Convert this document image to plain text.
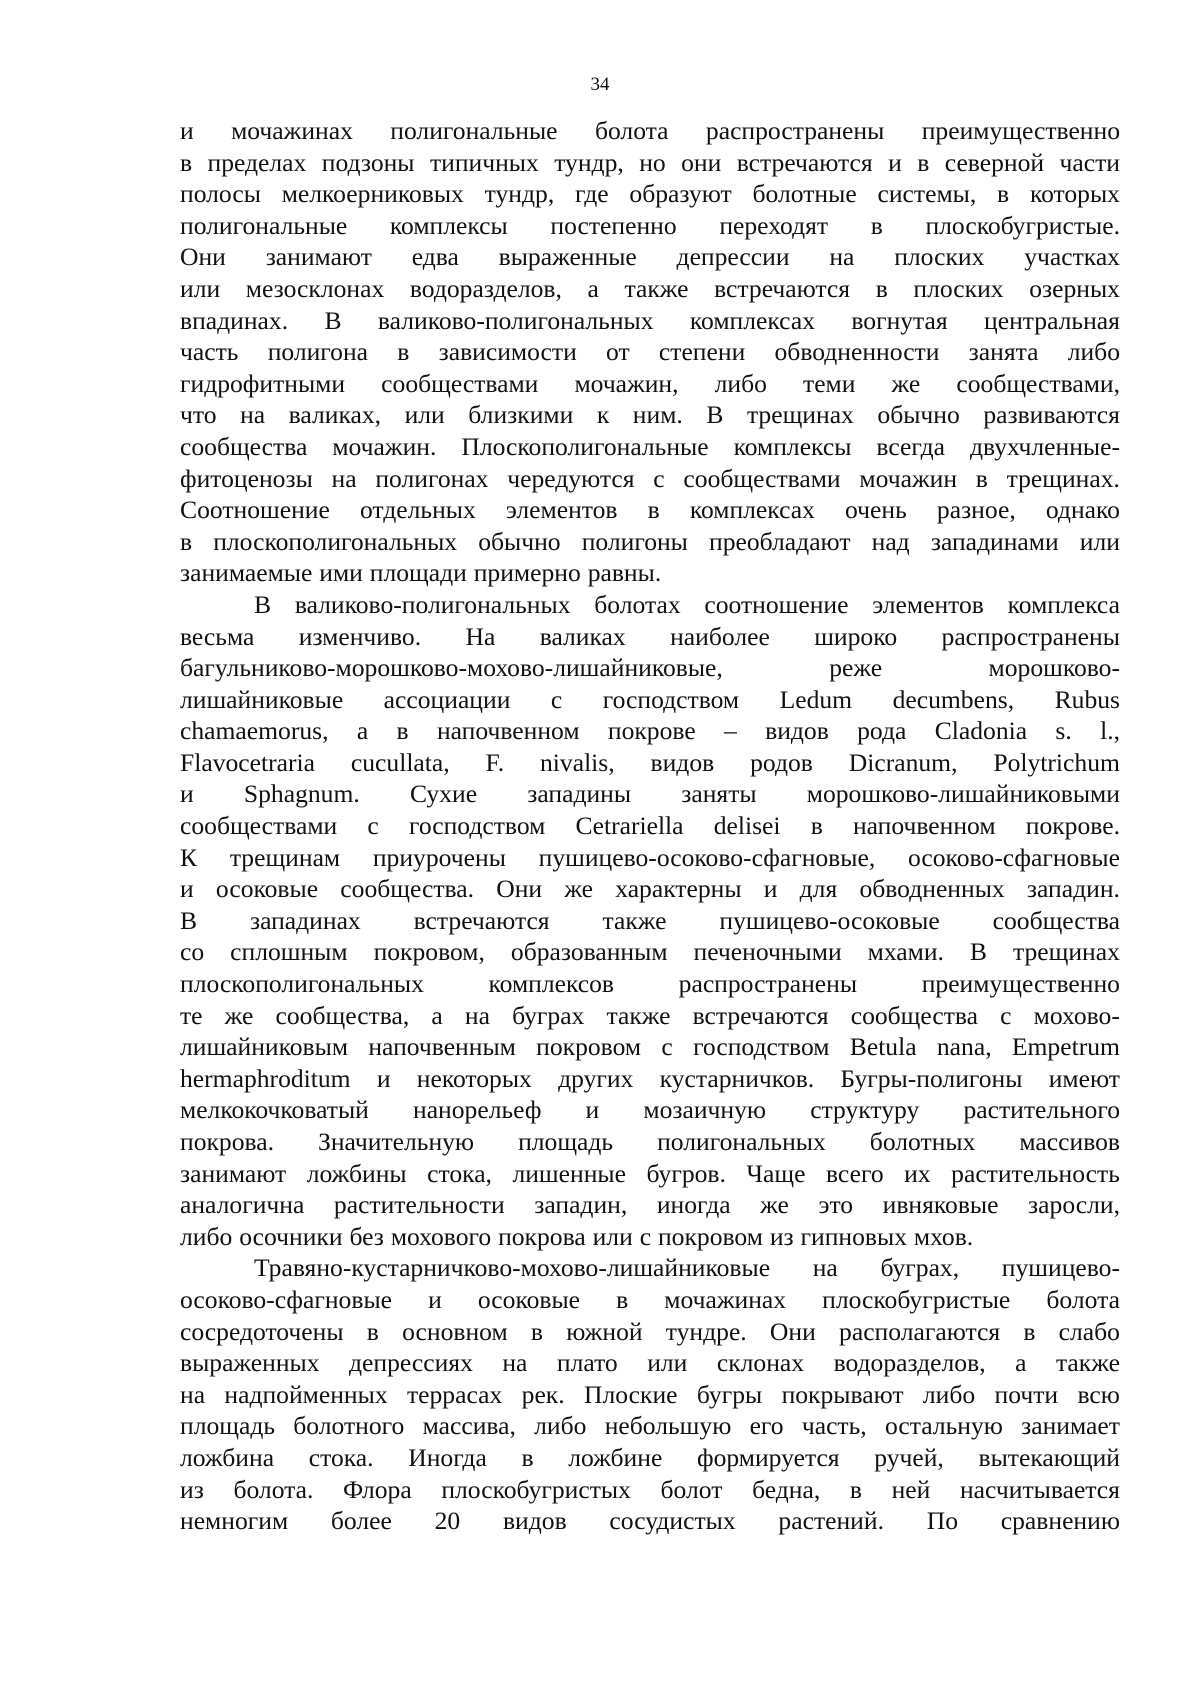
34
и мочажинах полигональные болота распространены преимущественно
в пределах подзоны типичных тундр, но они встречаются и в северной части
полосы мелкоерниковых тундр, где образуют болотные системы, в которых
полигональные комплексы постепенно переходят в плоскобугристые.
Они занимают едва выраженные депрессии на плоских участках
или мезосклонах водоразделов, а также встречаются в плоских озерных
впадинах. В валиково-полигональных комплексах вогнутая центральная
часть полигона в зависимости от степени обводненности занята либо
гидрофитными сообществами мочажин, либо теми же сообществами,
что на валиках, или близкими к ним. В трещинах обычно развиваются
сообщества мочажин. Плоскополигональные комплексы всегда двухчленные-
фитоценозы на полигонах чередуются с сообществами мочажин в трещинах.
Соотношение отдельных элементов в комплексах очень разное, однако
в плоскополигональных обычно полигоны преобладают над западинами или
занимаемые ими площади примерно равны.
В валиково-полигональных болотах соотношение элементов комплекса
весьма изменчиво. На валиках наиболее широко распространены
багульниково-морошково-мохово-лишайниковые,	реже	морошково-
лишайниковые ассоциации с господством Ledum decumbens, Rubus
chamaemorus, а в напочвенном покрове – видов рода Cladonia s. l.,
Flavocetraria cucullata, F. nivalis, видов родов Dicranum, Polytrichum
и Sphagnum. Сухие западины заняты морошково-лишайниковыми
сообществами с господством Cetrariella delisei в напочвенном покрове.
К трещинам приурочены пушицево-осоково-сфагновые, осоково-сфагновые
и осоковые сообщества. Они же характерны и для обводненных западин.
В западинах встречаются также пушицево-осоковые сообщества
со сплошным покровом, образованным печеночными мхами. В трещинах
плоскополигональных	комплексов	распространены	преимущественно
те же сообщества, а на буграх также встречаются сообщества с мохово-
лишайниковым напочвенным покровом с господством Betula nana, Empetrum
hermaphroditum и некоторых других кустарничков. Бугры-полигоны имеют
мелкокочковатый нанорельеф и мозаичную структуру растительного
покрова. Значительную площадь полигональных болотных массивов
занимают ложбины стока, лишенные бугров. Чаще всего их растительность
аналогична растительности западин, иногда же это ивняковые заросли,
либо осочники без мохового покрова или с покровом из гипновых мхов.
Травяно-кустарничково-мохово-лишайниковые на буграх, пушицево-
осоково-сфагновые и осоковые в мочажинах плоскобугристые болота
сосредоточены в основном в южной тундре. Они располагаются в слабо
выраженных депрессиях на плато или склонах водоразделов, а также
на надпойменных террасах рек. Плоские бугры покрывают либо почти всю
площадь болотного массива, либо небольшую его часть, остальную занимает
ложбина стока. Иногда в ложбине формируется ручей, вытекающий
из болота. Флора плоскобугристых болот бедна, в ней насчитывается
немногим более 20 видов сосудистых растений. По сравнению
